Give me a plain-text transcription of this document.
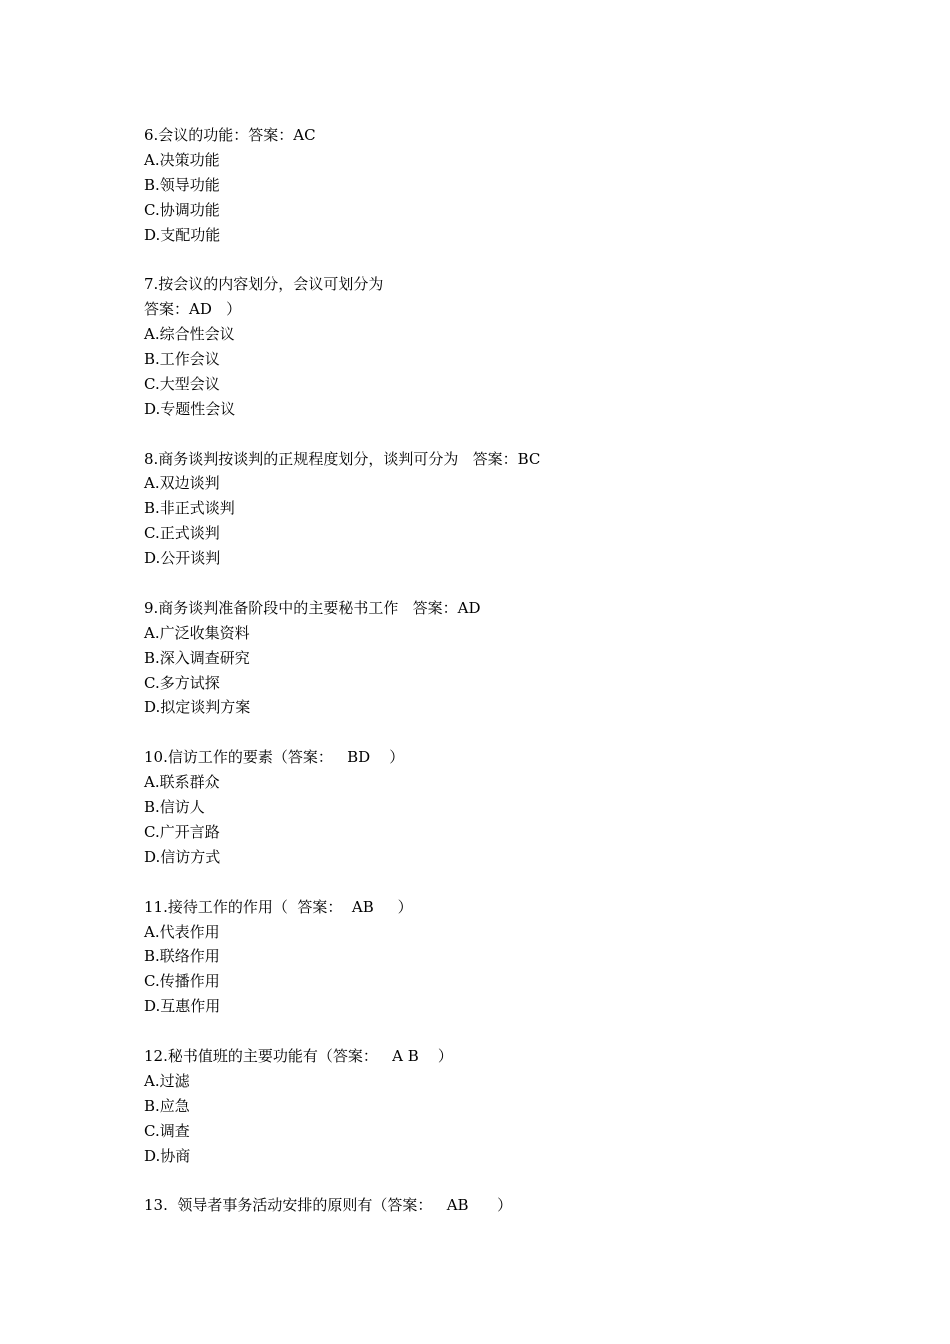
6.会议的功能：答案：AC
A.决策功能
B.领导功能
C.协调功能
D.支配功能
7.按会议的内容划分，会议可划分为
答案：AD   ）
A.综合性会议
B.工作会议
C.大型会议
D.专题性会议
8.商务谈判按谈判的正规程度划分，谈判可分为   答案：BC
A.双边谈判
B.非正式谈判
C.正式谈判
D.公开谈判
9.商务谈判准备阶段中的主要秘书工作   答案：AD
A.广泛收集资料
B.深入调查研究
C.多方试探
D.拟定谈判方案
10.信访工作的要素（答案：   BD    ）
A.联系群众
B.信访人
C.广开言路
D.信访方式
11.接待工作的作用（  答案：  AB     ）
A.代表作用
B.联络作用
C.传播作用
D.互惠作用
12.秘书值班的主要功能有（答案：   A B    ）
A.过滤
B.应急
C.调查
D.协商
13.  领导者事务活动安排的原则有（答案：   AB      ）
